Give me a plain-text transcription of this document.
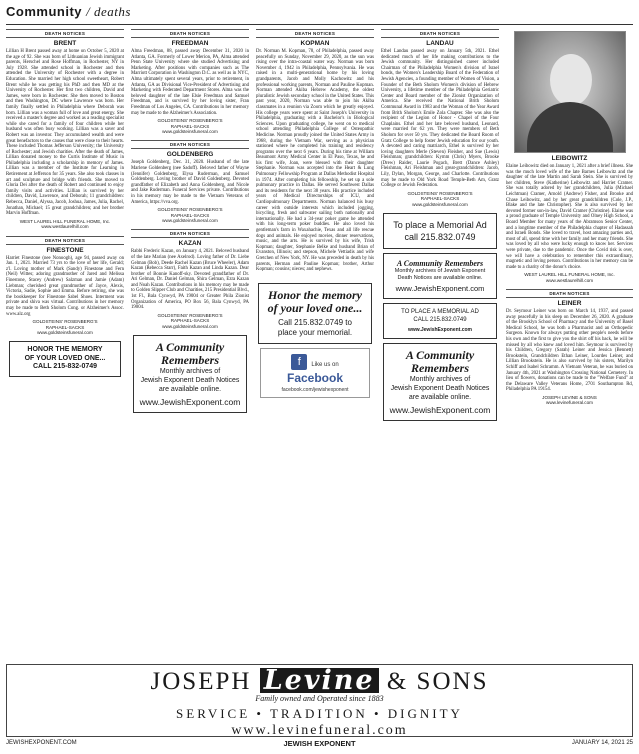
Community / deaths
DEATH NOTICES
BRENT

Lillian H Brent passed away at home on October 5, 2020 at the age of 92. She was born of Lithuanian Jewish immigrant parents, Herschel and Rose Hoffman, in Rochester, NY in July 1928. She attended school in Rochester and then attended the University of Rochester with a degree in Education. She married her high school sweetheart, Robert Brent while he was getting his PhD and then MD at the University of Rochester. Her first two children, David and James, were born in Rochester. She then moved to Boston and then Washington, DC where Lawrence was born. Her family finally settled in Philadelphia where Deborah was born. Lillian was a woman full of love and great energy. She received a master's degree and worked as a reading specialist while she cared for a family of four children while her husband was often busy working. Lillian was a saver and Robert was an investor. They accumulated wealth and were great benefactors to the causes that were close to their hearts. These included Thomas Jefferson University; the University of Rochester; and Jewish charities. After the death of James, Lillian donated money to the Curtis Institute of Music in Philadelphia including a scholarship in memory of James. Lillian was a member of the Institute for Learning in Retirement at Jefferson for 35 years. She also took classes in art and sculpture and bridge with friends. She moved to Gloria Dei after the death of Robert and continued to enjoy family visits and activities. Lillian is survived by her children, David, Lawrence, and Deborah; 11 grandchildren: Rebecca, Daniel, Alyssa, Jacob, Joshua, James, Julia, Rachel, Jonathan, Michael; 15 great grandchildren; and her brother Marvin Hoffman.

WEST LAUREL HILL FUNERAL HOME, Inc.
www.westlaurelhill.com
DEATH NOTICES
FINESTONE

Harriet Finestone (nee Nonoogh), age 94, passed away on Jan. 1, 2021. Married 73 yrs to the love of her life, Gerald; z'l. Loving mother of Mark (Sandy) Finestone and Fern (Neil) Wittes; adoring grandmother of Jared and Melissa Finestone, Stacey (Andrew) Salzman and Jamie (Adam) Liebman; cherished great grandmother of Jayce, Alexis, Victoria, Sadie, Sophie and Emma. Before retiring, she was the bookkeeper for Finestone Sabel Shoes. Interment was private and shiva was virtual. Contributions in her memory may be made to Beth Sholom Cong. or Alzheimer's Assoc. www.alz.org

GOLDSTEINS' ROSENBERG'S
RAPHAEL-SACKS
www.goldsteinsfuneral.com
HONOR THE MEMORY
OF YOUR LOVED ONE...
CALL 215-832-0749
DEATH NOTICES
FREEDMAN

Alma Freedman, 88, passed away December 31, 2020 in Atlanta, GA. Formerly of Lower Merion, PA, Alma attended Penn State University where she studied Advertising and Marketing. After positions with companies such as The Marriott Corporation in Washington D.C. as well as in NYC, Alma ultimately spent several years, prior to retirement, in Atlanta, GA as Divisional Vice-President of Advertising and Marketing with Federated Department Stores. Alma was the beloved daughter of the late Elsie Freedman and Samuel Freedman, and is survived by her loving sister, Fran Freedman of Los Angeles, CA. Contributions in her memory may be made to the Alzheimer's Association.

GOLDSTEINS' ROSENBERG'S
RAPHAEL-SACKS
www.goldsteinsfuneral.com
DEATH NOTICES
GOLDENBERG

Joseph Goldenberg, Dec. 31, 2020. Husband of the late Marlene Goldenberg (nee Sadoff). Beloved father of Wayne (Jennifer) Goldenberg, Elysa Ruderman, and Samuel Goldenberg. Loving brother of David Goldenberg. Devoted grandfather of Elizabeth and Anna Goldenberg, and Nicole and Jake Ruderman. Funeral Services private. Contributions in his memory may be made to the Vietnam Veterans of America, https://vva.org.

GOLDSTEINS' ROSENBERG'S
RAPHAEL-SACKS
www.goldsteinsfuneral.com
DEATH NOTICES
KAZAN

Rabbi Frederic Kazan, on January 4, 2021. Beloved husband of the late Marian (nee Axelrod). Loving father of Dr. Liebe Gelman (Bob), Deede Rachel Kazan (Bruce Wheeler), Adam Kazan (Rebecca Starr), Faith Kazan and Linda Kazan. Dear brother of Bonnie Kanoff-sky. Devoted grandfather of Dr. Ari Gelman, Dr. Daniel Gelman, Shira Gelman, Ezra Kazan and Noah Kazan. Contributions in his memory may be made to Golden Slipper Club and Charities, 215 Presidential Blvd., 1st Fl., Bala Cynwyd, PA 19004 or Greater Phila Zionist Organization of America, PO Box 56, Bala Cynwyd, PA 19004.

GOLDSTEINS' ROSENBERG'S
RAPHAEL-SACKS
www.goldsteinsfuneral.com
A Community
Remembers
Monthly archives of
Jewish Exponent Death Notices
are available online.
www.JewishExponent.com
DEATH NOTICES
KOPMAN

Dr. Norman M. Kopman, 78, of Philadelphia, passed away peacefully on Sunday, November 29, 2020, as the sun was rising over the intra-coastal water way. Norman was born November 4, 1942 in Philadelphia, Pennsylvania. He was raised in a multi-generational home by his loving grandparents, Jacob and Molly Kachowitz and his professional working parents, Norman and Pauline Kopman. Norman attended Akiba Hebrew Academy, the oldest pluralistic Jewish secondary school in the United States. This past year, 2020, Norman was able to join his Akiba classmates in a reunion via Zoom which he greatly enjoyed. His college years were spent at Saint Joseph's University in Philadelphia, graduating with a Bachelor's in Biological Sciences. Upon graduating college, he went on to medical school attending Philadelphia College of Osteopathic Medicine. Norman proudly joined the United States Army in 1968, during the Vietnam War, serving as a physician stationed where he completed his training and residency programs over the next 6 years. During his time at William Beaumont Army Medical Center in El Paso, Texas, he and his first wife, Joan, were blessed with their daughter Stephanie. Norman was accepted into the Heart & Lung Pulmonary Fellowship Program at Dallas Methodist Hospital in 1974. After completing his fellowship, he set up a sole pulmonary practice in Dallas. He served Southwest Dallas and its residents for the next 38 years. His practice included years of Medical Directorships of ICU, and Cardiopulmonary Departments. Norman balanced his busy career with outside interests which included jogging, bicycling, fresh and saltwater sailing both nationally and internationally. He had a 34-year poker game he attended with his long-term poker buddies. He also loved his gentleman's farm in Waxahachie, Texas and all life rescue dogs and animals. He enjoyed movies, dinner reservations, music, and the arts. He is survived by his wife, Trish Kopman; daughter, Stephanie Belke and husband Brian of Evanston, Illinois; and stepson, Michele Vettiadis and wife Gretchen of New York, NY. He was preceded in death by his parents, Herman and Pauline Kopman; brother, Arthur Kopman; cousins; nieces; and nephews.

Honor the memory
of your loved one...
Call 215.832.0749 to
place your memorial.
f Like us on
Facebook
facebook.com/jewishexponent
DEATH NOTICES
LANDAU

Ethel Landau passed away on January 5th, 2021. Ethel dedicated much of her life making contributions to the Jewish community. Her distinguished career included Chairman of the Philadelphia Women's division of Israel bonds, the Women's Leadership Board of the Federation of Jewish Agencies, a founding member of Women of Vision, a Founder of the Beth Sholom Women's division of Hebrew University, a lifetime member of the Philadelphia Geriatric Center and Board member of the Zionist Organization of America. She received the National Brith Sholom Communal Award in 1983 and the Woman of the Year Award from Brith Sholom's Emile Zola Chapter. She was also the recipient of the Legion of Honor - Chapel of the Four Chaplains. Ethel and her late beloved husband, Leonard, were married for 62 yrs. They were members of Beth Sholom for over 50 yrs. They dedicated the Board Room of Gratz College to help foster Jewish education for our youth. A devoted and caring matriarch, Ethel is survived by her loving daughters Merle (Steven) Fleisher, and Sue (Lewis) Fleishman; grandchildren: Kymm (Chris) Myers, Brooke (Drew) Raider, Laurie Pogach, Brett (Dance Ashley) Fleishman, Ari Fleishman and great-grandchildren: Jacob, Lily, Dylan, Morgan, George, and Charlotte. Contributions may be made to Old York Road Temple-Beth Am, Gratz College or Jewish Federation.

GOLDSTEINS' ROSENBERG'S
RAPHAEL-SACKS
www.goldsteinsfuneral.com
To place a Memorial Ad
call 215.832.0749
A Community Remembers
Monthly archives of Jewish Exponent
Death Notices are available online.
www.JewishExponent.com
TO PLACE A MEMORIAL AD
CALL 215.832.0749
www.JewishExponent.com
A Community
Remembers
Monthly archives of
Jewish Exponent Death Notices
are available online.
www.JewishExponent.com
LEIBOWITZ

Elaine Leibowitz died on January 1, 2021 after a brief illness. She was the much loved wife of the late Barnes Leibowitz and the daughter of the late Martin and Sarah Stein. She is survived by her children, Steve (Katherine) Leibowitz and Harriet Cramer. She was totally adored by her grandchildren, Julia (Michael Leichtman) Cramer, Arnold (Andrew) Fisher, and Brooke and Chase Leibowitz, and by her great grandchildren (Cole, J.P., Blake and the late Christopher). She is also survived by her devoted former son-in-law, David Cramer (Christine). Elaine was a proud graduate of Temple University and Olney High School, a Board Member for many years of the Abramson Senior Center, and a longtime member of the Philadelphia chapter of Hadassah and Israeli Bonds. She loved to travel, host amazing parties and, most of all, spend time with her family and her many friends. She was loved by all who were lucky enough to know her. Services were private, due to the pandemic. Once the Covid risk is over, we will have a celebration to remember this extraordinary, magnetic and loving person. Contributions in her memory can be made to a charity of the donor's choice.

WEST LAUREL HILL FUNERAL HOME, Inc.
www.westlaurelhill.com
DEATH NOTICES
LEINER

Dr. Seymour Leiner was born on March 14, 1937, and passed away peacefully in his sleep on December 26, 2020. A graduate of the Brooklyn School of Pharmacy and the University of Basel Medical School, he was both a Pharmacist and an Orthopedic Surgeon. Known for always putting other people's needs before his own and the first to give you the shirt off his back, he will be missed by all who knew and loved him. Seymour is survived by his Children, Gregory (Sarah) Leiner and Jessica (Bennett) Brookstein, Grandchildren Ethan Leiner, Lourdes Leiner, and Lillian Brookstein. He is also survived by his sisters, Marilyn Schiff and Isabel Schramm. A Vietnam Veteran, he was buried on January 4th, 2021 at Washington Crossing National Cemetery. In lieu of flowers, donations can be made to the "Welfare Fund" at the Delaware Valley Veterans Home, 2701 Southampton Rd, Philadelphia PA 19154.

JOSEPH LEVINE & SONS
www.levinefuneral.com
JOSEPH Levine & SONS
Family owned and Operated since 1883
SERVICE • TRADITION • DIGNITY
www.levinefuneral.com
JEWISHEXPONENT.COM	JEWISH EXPONENT	JANUARY 14, 2021 25
